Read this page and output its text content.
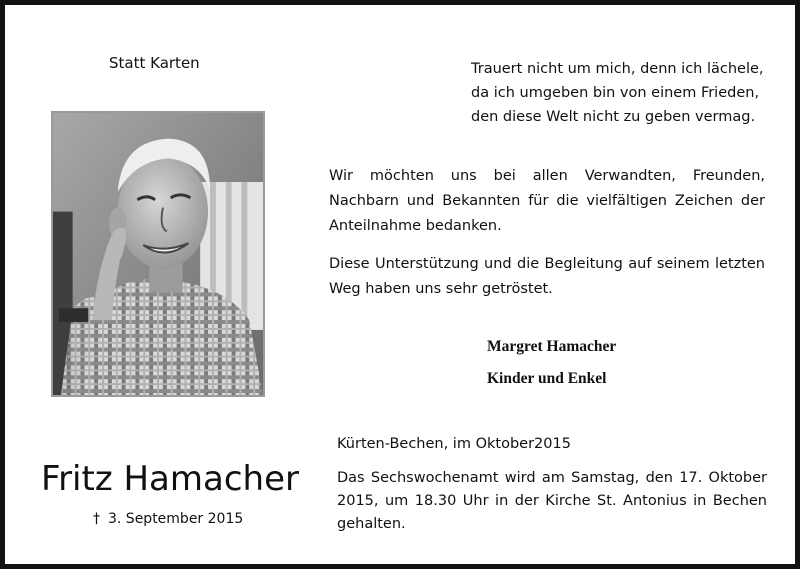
Statt Karten	Trauert nicht um mich, denn ich lächele,
da ich umgeben bin von einem Frieden,
den diese Welt nicht zu geben vermag.
Wir möchten uns bei allen Verwandten, Freunden, Nachbarn und Bekannten für die vielfältigen Zeichen der Anteilnahme bedanken.
Diese Unterstützung und die Begleitung auf seinem letzten Weg haben uns sehr getröstet.
Margret Hamacher
Kinder und Enkel
Fritz Hamacher
† 3. September 2015
Kürten-Bechen, im Oktober2015
Das Sechswochenamt wird am Samstag, den 17. Oktober 2015, um 18.30 Uhr in der Kirche St. Antonius in Bechen gehalten.
